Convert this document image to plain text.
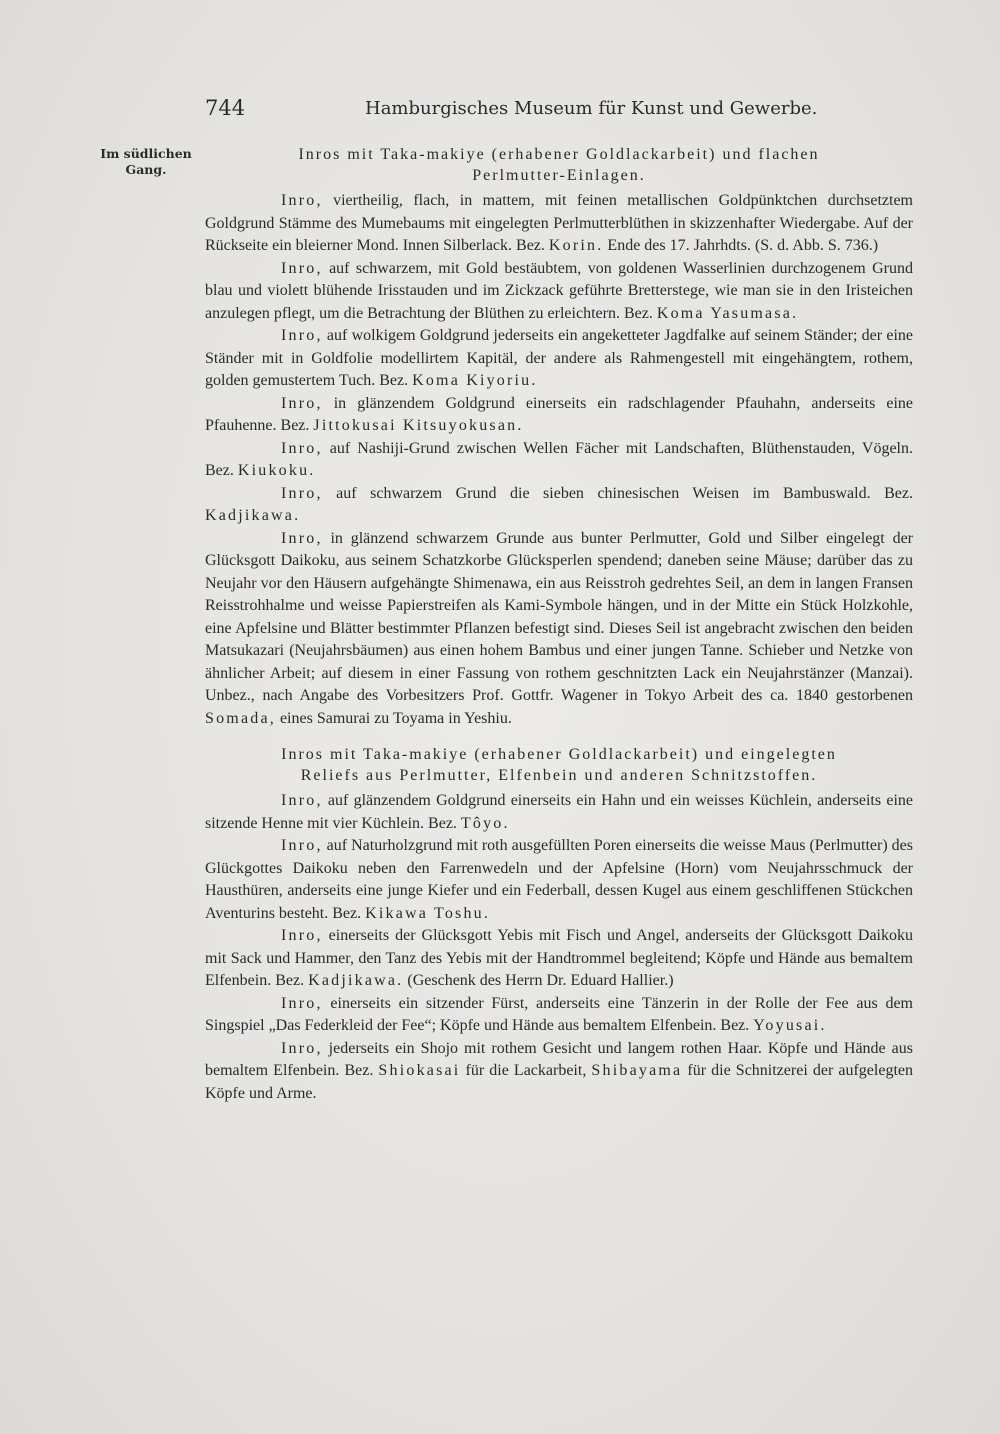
744	Hamburgisches Museum für Kunst und Gewerbe.
Im südlichen
Gang.
Inros mit Taka-makiye (erhabener Goldlackarbeit) und flachen
Perlmutter-Einlagen.

Inro, viertheilig, flach, in mattem, mit feinen metallischen Goldpünktchen durchsetztem Goldgrund Stämme des Mumebaums mit eingelegten Perlmutterblüthen in skizzenhafter Wiedergabe. Auf der Rückseite ein bleierner Mond. Innen Silberlack. Bez. Korin. Ende des 17. Jahrhdts. (S. d. Abb. S. 736.)

Inro, auf schwarzem, mit Gold bestäubtem, von goldenen Wasserlinien durchzogenem Grund blau und violett blühende Irisstauden und im Zickzack geführte Bretterstege, wie man sie in den Iristeichen anzulegen pflegt, um die Betrachtung der Blüthen zu erleichtern. Bez. Koma Yasumasa.

Inro, auf wolkigem Goldgrund jederseits ein angeketteter Jagdfalke auf seinem Ständer; der eine Ständer mit in Goldfolie modellirtem Kapitäl, der andere als Rahmengestell mit eingehängtem, rothem, golden gemustertem Tuch. Bez. Koma Kiyoriu.

Inro, in glänzendem Goldgrund einerseits ein radschlagender Pfauhahn, anderseits eine Pfauhenne. Bez. Jittokusai Kitsuyokusan.

Inro, auf Nashiji-Grund zwischen Wellen Fächer mit Landschaften, Blüthenstauden, Vögeln. Bez. Kiukoku.

Inro, auf schwarzem Grund die sieben chinesischen Weisen im Bambuswald. Bez. Kadjikawa.

Inro, in glänzend schwarzem Grunde aus bunter Perlmutter, Gold und Silber eingelegt der Glücksgott Daikoku, aus seinem Schatzkorbe Glücksperlen spendend; daneben seine Mäuse; darüber das zu Neujahr vor den Häusern aufgehängte Shimenawa, ein aus Reisstroh gedrehtes Seil, an dem in langen Fransen Reisstrohhalme und weisse Papierstreifen als Kami-Symbole hängen, und in der Mitte ein Stück Holzkohle, eine Apfelsine und Blätter bestimmter Pflanzen befestigt sind. Dieses Seil ist angebracht zwischen den beiden Matsukazari (Neujahrsbäumen) aus einen hohem Bambus und einer jungen Tanne. Schieber und Netzke von ähnlicher Arbeit; auf diesem in einer Fassung von rothem geschnitzten Lack ein Neujahrstänzer (Manzai). Unbez., nach Angabe des Vorbesitzers Prof. Gottfr. Wagener in Tokyo Arbeit des ca. 1840 gestorbenen Somada, eines Samurai zu Toyama in Yeshiu.

Inros mit Taka-makiye (erhabener Goldlackarbeit) und eingelegten
Reliefs aus Perlmutter, Elfenbein und anderen Schnitzstoffen.

Inro, auf glänzendem Goldgrund einerseits ein Hahn und ein weisses Küchlein, anderseits eine sitzende Henne mit vier Küchlein. Bez. Tôyo.

Inro, auf Naturholzgrund mit roth ausgefüllten Poren einerseits die weisse Maus (Perlmutter) des Glückgottes Daikoku neben den Farrenwedeln und der Apfelsine (Horn) vom Neujahrsschmuck der Hausthüren, anderseits eine junge Kiefer und ein Federball, dessen Kugel aus einem geschliffenen Stückchen Aventurins besteht. Bez. Kikawa Toshu.

Inro, einerseits der Glücksgott Yebis mit Fisch und Angel, anderseits der Glücksgott Daikoku mit Sack und Hammer, den Tanz des Yebis mit der Handtrommel begleitend; Köpfe und Hände aus bemaltem Elfenbein. Bez. Kadjikawa. (Geschenk des Herrn Dr. Eduard Hallier.)

Inro, einerseits ein sitzender Fürst, anderseits eine Tänzerin in der Rolle der Fee aus dem Singspiel „Das Federkleid der Fee“; Köpfe und Hände aus bemaltem Elfenbein. Bez. Yoyusai.

Inro, jederseits ein Shojo mit rothem Gesicht und langem rothen Haar. Köpfe und Hände aus bemaltem Elfenbein. Bez. Shiokasai für die Lackarbeit, Shibayama für die Schnitzerei der aufgelegten Köpfe und Arme.
